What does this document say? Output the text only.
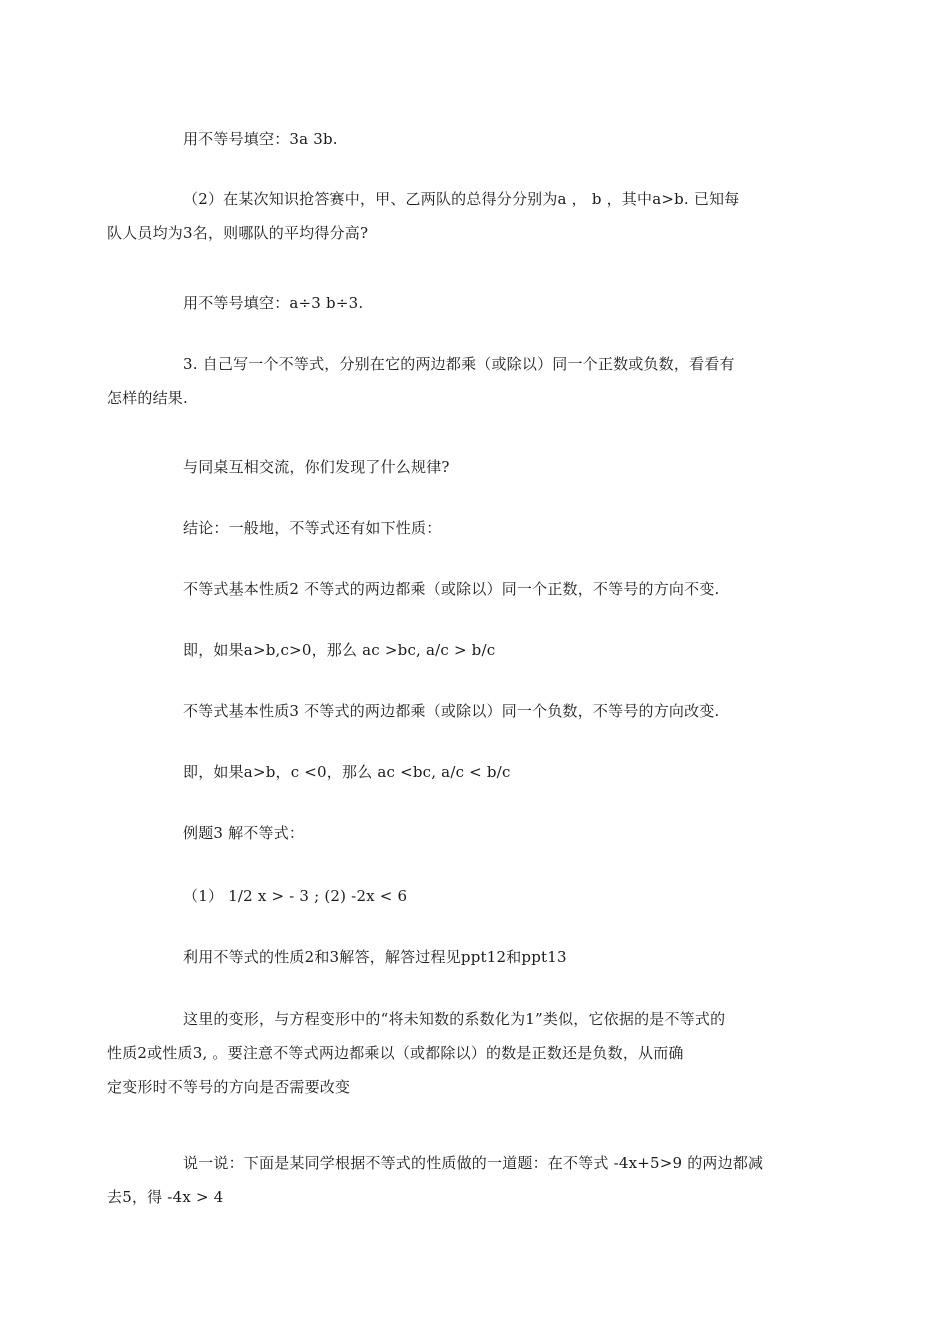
用不等号填空：3a 3b.

（2）在某次知识抢答赛中，甲、乙两队的总得分分别为a ， b ，其中a>b. 已知每
队人员均为3名，则哪队的平均得分高?

用不等号填空：a÷3 b÷3.

3. 自己写一个不等式，分别在它的两边都乘（或除以）同一个正数或负数，看看有
怎样的结果.

与同桌互相交流，你们发现了什么规律?

结论：一般地，不等式还有如下性质：

不等式基本性质2 不等式的两边都乘（或除以）同一个正数，不等号的方向不变.

即，如果a>b,c>0，那么 ac >bc, a/c > b/c

不等式基本性质3 不等式的两边都乘（或除以）同一个负数，不等号的方向改变.

即，如果a>b，c <0，那么 ac <bc, a/c < b/c

例题3 解不等式：

（1） 1/2 x > - 3 ; (2) -2x < 6

利用不等式的性质2和3解答，解答过程见ppt12和ppt13

这里的变形，与方程变形中的“将未知数的系数化为1”类似，它依据的是不等式的
性质2或性质3, 。要注意不等式两边都乘以（或都除以）的数是正数还是负数，从而确
定变形时不等号的方向是否需要改变

说一说：下面是某同学根据不等式的性质做的一道题：在不等式 -4x+5>9 的两边都减
去5，得 -4x > 4
